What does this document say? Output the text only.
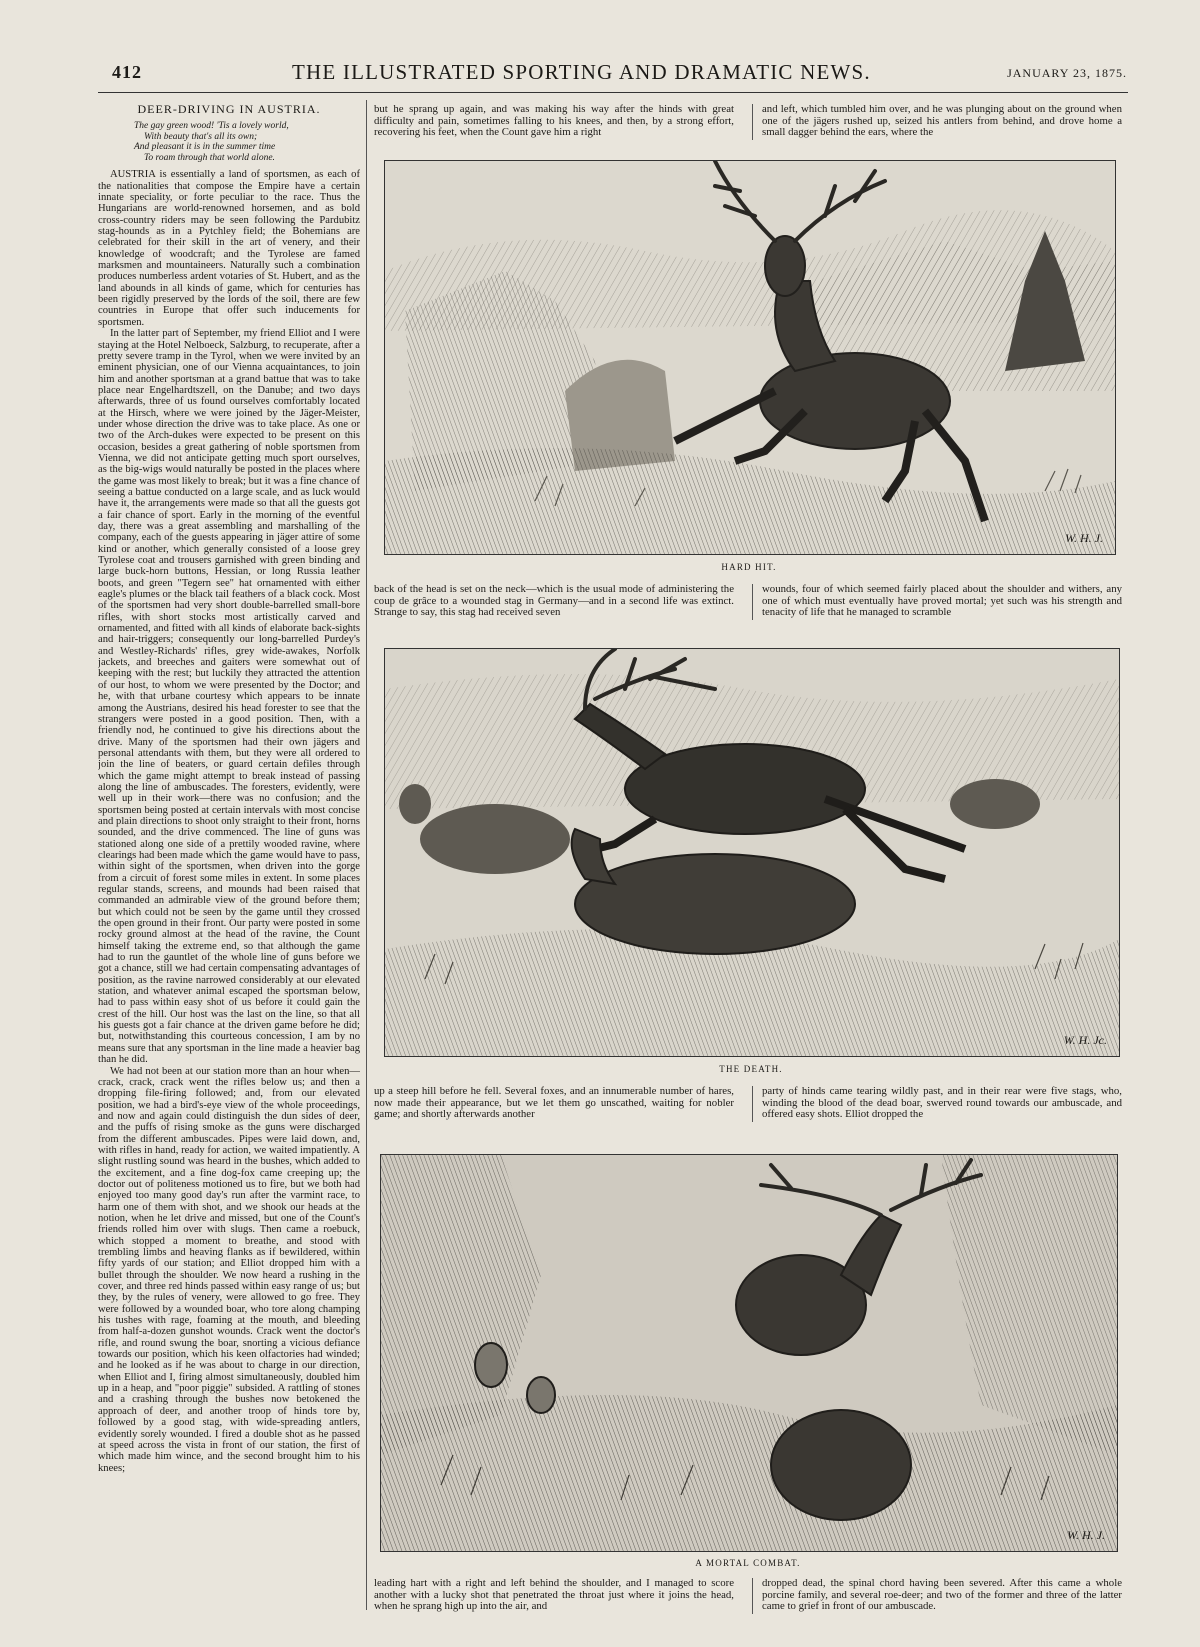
412	THE ILLUSTRATED SPORTING AND DRAMATIC NEWS.	JANUARY 23, 1875.

DEER-DRIVING IN AUSTRIA.

The gay green wood! 'Tis a lovely world,
With beauty that's all its own;
And pleasant it is in the summer time
To roam through that world alone.

AUSTRIA is essentially a land of sportsmen, as each of the nationalities that compose the Empire have a certain innate speciality, or forte peculiar to the race. Thus the Hungarians are world-renowned horsemen, and as bold cross-country riders may be seen following the Pardubitz stag-hounds as in a Pytchley field; the Bohemians are celebrated for their skill in the art of venery, and their knowledge of woodcraft; and the Tyrolese are famed marksmen and mountaineers. Naturally such a combination produces numberless ardent votaries of St. Hubert, and as the land abounds in all kinds of game, which for centuries has been rigidly preserved by the lords of the soil, there are few countries in Europe that offer such inducements for sportsmen.

In the latter part of September, my friend Elliot and I were staying at the Hotel Nelboeck, Salzburg, to recuperate, after a pretty severe tramp in the Tyrol, when we were invited by an eminent physician, one of our Vienna acquaintances, to join him and another sportsman at a grand battue that was to take place near Engelhardtszell, on the Danube; and two days afterwards, three of us found ourselves comfortably located at the Hirsch, where we were joined by the Jäger-Meister, under whose direction the drive was to take place. As one or two of the Arch-dukes were expected to be present on this occasion, besides a great gathering of noble sportsmen from Vienna, we did not anticipate getting much sport ourselves, as the big-wigs would naturally be posted in the places where the game was most likely to break; but it was a fine chance of seeing a battue conducted on a large scale, and as luck would have it, the arrangements were made so that all the guests got a fair chance of sport. Early in the morning of the eventful day, there was a great assembling and marshalling of the company, each of the guests appearing in jäger attire of some kind or another, which generally consisted of a loose grey Tyrolese coat and trousers garnished with green binding and large buck-horn buttons, Hessian, or long Russia leather boots, and green "Tegern see" hat ornamented with either eagle's plumes or the black tail feathers of a black cock. Most of the sportsmen had very short double-barrelled small-bore rifles, with short stocks most artistically carved and ornamented, and fitted with all kinds of elaborate back-sights and hair-triggers; consequently our long-barrelled Purdey's and Westley-Richards' rifles, grey wide-awakes, Norfolk jackets, and breeches and gaiters were somewhat out of keeping with the rest; but luckily they attracted the attention of our host, to whom we were presented by the Doctor; and he, with that urbane courtesy which appears to be innate among the Austrians, desired his head forester to see that the strangers were posted in a good position. Then, with a friendly nod, he continued to give his directions about the drive. Many of the sportsmen had their own jägers and personal attendants with them, but they were all ordered to join the line of beaters, or guard certain defiles through which the game might attempt to break instead of passing along the line of ambuscades. The foresters, evidently, were well up in their work—there was no confusion; and the sportsmen being posted at certain intervals with most concise and plain directions to shoot only straight to their front, horns sounded, and the drive commenced. The line of guns was stationed along one side of a prettily wooded ravine, where clearings had been made which the game would have to pass, within sight of the sportsmen, when driven into the gorge from a circuit of forest some miles in extent. In some places regular stands, screens, and mounds had been raised that commanded an admirable view of the ground before them; but which could not be seen by the game until they crossed the open ground in their front. Our party were posted in some rocky ground almost at the head of the ravine, the Count himself taking the extreme end, so that although the game had to run the gauntlet of the whole line of guns before we got a chance, still we had certain compensating advantages of position, as the ravine narrowed considerably at our elevated station, and whatever animal escaped the sportsman below, had to pass within easy shot of us before it could gain the crest of the hill. Our host was the last on the line, so that all his guests got a fair chance at the driven game before he did; but, notwithstanding this courteous concession, I am by no means sure that any sportsman in the line made a heavier bag than he did.

We had not been at our station more than an hour when—crack, crack, crack went the rifles below us; and then a dropping file-firing followed; and, from our elevated position, we had a bird's-eye view of the whole proceedings, and now and again could distinguish the dun sides of deer, and the puffs of rising smoke as the guns were discharged from the different ambuscades. Pipes were laid down, and, with rifles in hand, ready for action, we waited impatiently. A slight rustling sound was heard in the bushes, which added to the excitement, and a fine dog-fox came creeping up; the doctor out of politeness motioned us to fire, but we both had enjoyed too many good day's run after the varmint race, to harm one of them with shot, and we shook our heads at the notion, when he let drive and missed, but one of the Count's friends rolled him over with slugs. Then came a roebuck, which stopped a moment to breathe, and stood with trembling limbs and heaving flanks as if bewildered, within fifty yards of our station; and Elliot dropped him with a bullet through the shoulder. We now heard a rushing in the cover, and three red hinds passed within easy range of us; but they, by the rules of venery, were allowed to go free. They were followed by a wounded boar, who tore along champing his tushes with rage, foaming at the mouth, and bleeding from half-a-dozen gunshot wounds. Crack went the doctor's rifle, and round swung the boar, snorting a vicious defiance towards our position, which his keen olfactories had winded; and he looked as if he was about to charge in our direction, when Elliot and I, firing almost simultaneously, doubled him up in a heap, and "poor piggie" subsided. A rattling of stones and a crashing through the bushes now betokened the approach of deer, and another troop of hinds tore by, followed by a good stag, with wide-spreading antlers, evidently sorely wounded. I fired a double shot as he passed at speed across the vista in front of our station, the first of which made him wince, and the second brought him to his knees;

but he sprang up again, and was making his way after the hinds with great difficulty and pain, sometimes falling to his knees, and then, by a strong effort, recovering his feet, when the Count gave him a right
and left, which tumbled him over, and he was plunging about on the ground when one of the jägers rushed up, seized his antlers from behind, and drove home a small dagger behind the ears, where the
W. H. J.
HARD HIT.
back of the head is set on the neck—which is the usual mode of administering the coup de grâce to a wounded stag in Germany—and in a second life was extinct. Strange to say, this stag had received seven
wounds, four of which seemed fairly placed about the shoulder and withers, any one of which must eventually have proved mortal; yet such was his strength and tenacity of life that he managed to scramble
W. H. Jc.
THE DEATH.
up a steep hill before he fell. Several foxes, and an innumerable number of hares, now made their appearance, but we let them go unscathed, waiting for nobler game; and shortly afterwards another
party of hinds came tearing wildly past, and in their rear were five stags, who, winding the blood of the dead boar, swerved round towards our ambuscade, and offered easy shots. Elliot dropped the
W. H. J.
A MORTAL COMBAT.
leading hart with a right and left behind the shoulder, and I managed to score another with a lucky shot that penetrated the throat just where it joins the head, when he sprang high up into the air, and
dropped dead, the spinal chord having been severed. After this came a whole porcine family, and several roe-deer; and two of the former and three of the latter came to grief in front of our ambuscade.
